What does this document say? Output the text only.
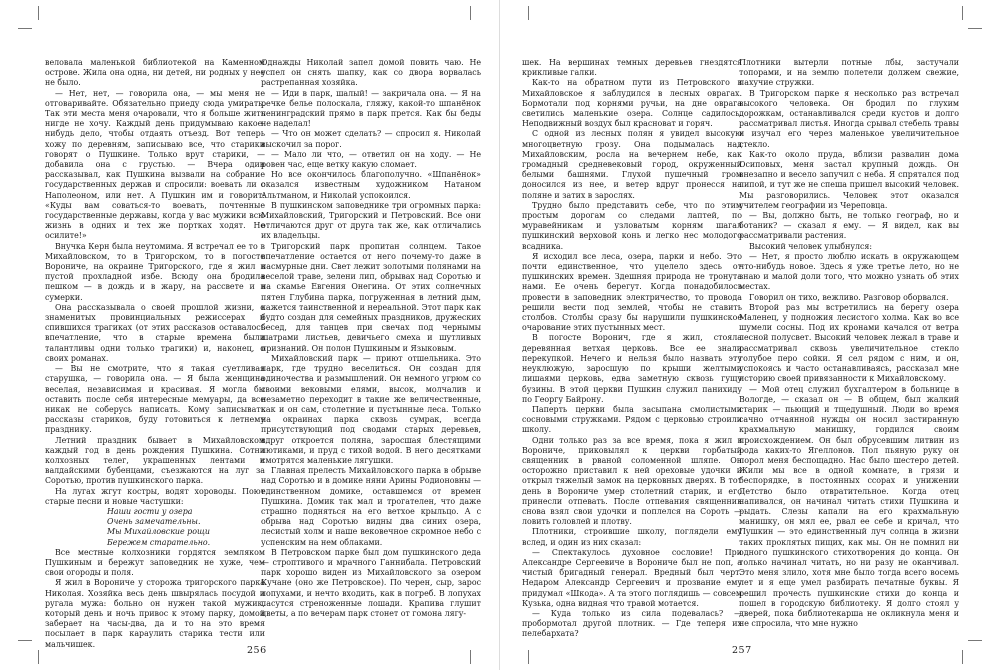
веловала маленькой библиотекой на Каменном острове. Жила она одна, ни детей, ни родных у нее не было.

— Нет, нет, — говорила она, — мы меня не отговаривайте. Обязательно приеду сюда умирать. Так эти места меня очаровали, что я больше жить нигде не хочу. Каждый день придумываю какое-нибудь дело, чтобы отдаять отъезд. Вот теперь хожу по деревням, записываю все, что старики говорят о Пушкине. Только врут старики, — добавила она с грустью. — Вчера один рассказывал, как Пушкина вызвали на собрание государственных держав и спросили: воевать ли с Наполеоном, или нет. А Пушкин им и говорит: «Куды вам соваться-то воевать, почтенные государственные державы, когда у вас мужики всю жизнь в одних и тех же портках ходят. Не осилите!»

Внучка Керн была неутомима. Я встречал ее то в Михайловском, то в Тригорском, то в погосте Ворониче, на окраине Тригорского, где я жил в пустой прохладной избе. Всюду она бродила пешком — в дождь и в жару, на рассвете и в сумерки.

Она рассказывала о своей прошлой жизни, о знаменитых провинциальных режиссерах и спившихся трагиках (от этих рассказов оставалось впечатление, что в старые времена были талантливы одни только трагики) и, наконец, о своих романах.

— Вы не смотрите, что я такая суетливая старушка, — говорила она. — Я была женщина веселая, независимая и красивая. Я могла бы оставить после себя интересные мемуары, да все никак не соберусь написать. Кому записывать рассказы стариков, буду готовиться к летнему празднику.

Летний праздник бывает в Михайловском каждый год в день рождения Пушкина. Сотни колхозных телег, украшенных лентами и валдайскими бубенцами, съезжаются на луг за Соротью, против пушкинского парка.

На лугах жгут костры, водят хороводы. Поют старые песни и новые частушки:

Наши гости у озера

Очень замечательны.

Мы Михайловские рощи

Бережем старательно.

Все местные колхозники гордятся земляком Пушкиным и бережут заповедник не хуже, чем свои огороды и поля.

Я жил в Ворониче у сторожа тригорского парка Николая. Хозяйка весь день швырялась посудой и ругала мужа: больно он нужен такой мужик, который день и ночь привос к этому парку, домой заберает на часы-два, да и то на это время посылает в парк караулить старика тести или мальчишек.

Однажды Николай запел домой повить чаю. Не успел он снять шапку, как со двора ворвалась растрепанная хозяйка.

— Иди в парк, шалый! — закричала она. — Я на речке белье полоскала, гляжу, какой-то шпанёнок ленинградский прямо в парк прется. Как бы беды не наделал!

— Что он может сделать? — спросил я. Николай выскочил за порог.

— Мало ли что, — ответил он на ходу. — Не ровен час, еще ветку какую сломает.

Но все окончилось благополучно. «Шпанёнок» оказался известным художником Натаном Альтманом, и Николай успокоился.

В пушкинском заповеднике три огромных парка: Михайловский, Тригорский и Петровский. Все они отличаются друг от друга так же, как отличались их владельцы.

Тригорский парк пропитан солнцем. Такое впечатление остается от него почему-то даже в пасмурные дни. Свет лежит золотыми полянами на веселой траве, зелени лип, обрывах над Соротью и на скамье Евгения Онегина. От этих солнечных пятен Глубина парка, погруженная в летний дым, кажется таинственной и нереальной. Этот парк как будто создан для семейных праздников, дружеских бесед, для танцев при свечах под чернымы шатрами листьев, девичьего смеха и шутливых признаний. Он полон Пушкиным и Языковым.

Михайловский парк — приют отшельника. Это парк, где трудно веселиться. Он создан для одиночества и размышлений. Он немного угрюм со своими вековыми елями, высок, молчалив и незаметно переходит в такие же величественные, как и он сам, столетние и пустынные леса. Только на окраинах парка сквозь сумрак, всегда присутствующий под сводами старых деревьев, вдруг откроется поляна, заросшая блестящими лютиками, и пруд с тихой водой. В него десятками смотрятся маленькие лягушки.

Главная прелесть Михайловского парка в обрыве над Соротью и в домике няни Арины Родионовны — единственном домике, оставшемся от времен Пушкина. Домик так мал и трогателен, что даже страшно подняться на его ветхое крыльцо. А с обрыва над Соротью видны два синих озера, лесистый холм и наше вековечное скромное небо с успенским на нем облаками.

В Петровском парке был дом пушкинского деда — строптивого и мрачного Ганнибала. Петровский парк хорошо виден из Михайловского за озером Кучане (оно же Петровское). По черен, сыр, зарос лопухами, и нечто входить, как в погреб. В лопухах пасутся стреноженные лошади. Крапива глушит цветы, а по вечерам парк стонет от гомона лягу-

шек. На вершинах темных деревьев гнездятся крикливые галки.

Как-то на обратном пути из Петровского в Михайловское я заблудился в лесных оврагах. Бормотали под корнями ручьи, на дне оврага светились маленькие озера. Солнце садилось. Неподвижный воздух был красноват и горяч.

С одной из лесных полян я увидел высокую многоцветную грозу. Она подымалась над Михайловским, росла на вечернем небе, как громадный средневековый город, окруженный белыми башнями. Глухой пушечный гром доносился из нее, и ветер вдруг пронесся на поляне и затих в зарослях.

Трудно было представить себе, что по этим простым дорогам со следами лаптей, по муравейникам и узловатым корням шагал пушкинский верховой конь и легко нес молодого всадника.

Я исходил все леса, озера, парки и небо. Это почти единственное, что уцелело здесь от пушкинских времен. Здешняя природа не тронута нами. Ее очень берегут. Когда понадобилось провести в заповедник электричество, то провода решили вести под землей, чтобы не ставить столбов. Столбы сразу бы нарушили пушкинское очарование этих пустынных мест.

В погосте Воронич, где я жил, стояла деревянная ветхая церковь. Все ее знали перекупкой. Нечего и нельзя было назвать эту неуклюжую, заросшую по крыши желтыми лишаями церковь, едва заметную сквозь гущу бузины. В этой церкви Пушкин служил панихиду по Георгу Байрону.

Паперть церкви была засыпана смолистыми сосновыми стружками. Рядом с церковью строили школу.

Одни только раз за все время, пока я жил в Ворониче, приковылял к церкви горбатый священник в рваной соломенной шляпе. Он осторожно приставил к ней ореховые удочки и открыл тяжелый замок на церковных дверях. В тот день в Ворониче умер столетний старик, и его принесли отпевать. После отпевания священник снова взял свои удочки и поплелся на Сороть — ловить головлей и плотву.

Плотники, строившие школу, поглядели ему вслед, и один из них сказал:

— Спектакулось духовное сословие! При Александре Сергеевиче в Ворониче был не поп, а чистый бригадный генерал. Вредный был черт. Недаром Александр Сергеевич и прозвание ему придумал «Шкода». А та этого поглядишь — совсем Кузька, одна видная что травой мотается.

— Куда только из сила подевалась? — пробормотал другой плотник. — Где теперя их пелебархата?

Плотники вытерли потные лбы, застучали топорами, и на землю полетели должем свежие, пахучие стружки.

В Тригорском парке я несколько раз встречал высокого человека. Он бродил по глухим дорожкам, останавливался среди кустов и долго рассматривал листья. Иногда срывал стебель травы и изучал его через маленькое увеличительное стекло.

Как-то около пруда, вблизи развалин дома Осиповых, меня застал крупный дождь. Он внезапно и весело запучил с неба. Я спрятался под липой, и тут же не спеша пришел высокий человек. Мы разговорились. Человек этот оказался учителем географии из Череповца.

— Вы, должно быть, не только географ, но и ботаник? — сказал я ему. — Я видел, как вы рассматривали растения.

Высокий человек улыбнулся:

— Нет, я просто люблю искать в окружающем что-нибудь новое. Здесь я уже третье лето, но не знаю и малой доли того, что можно узнать об этих местах.

Говорил он тихо, вежливо. Разговор оборвался.

Второй раз мы встретились на берегу озера Маленец, у подножия лесистого холма. Как во все шумели сосны. Под их кронами качался от ветра лесной полусвет. Высокий человек лежал в траве и рассматривал сквозь увеличительное стекло голубое перо сойки. Я сел рядом с ним, и он, успокоясь и часто останавливаясь, рассказал мне историю своей привязанности к Михайловскому.

— Мой отец служил бухгалтером в больнице в Вологде, — сказал он — В общем, был жалкий старик — пьющий и тщедушный. Люди во время сачно отчаянной нужды он носил застиранную крахмальную манишку, гордился своим происхождением. Он был обрусевшим литвин из рода каких-то Ягеллонов. Пол пьяную руку он порол меня беспощадно. Нас было шестеро детей. Жили мы все в одной комнате, в грязи и беспорядке, в постоянных ссорах и унижении Детство было отвратительное. Когда отец напивался, он начинал читать стихи Пушкина и рыдать. Слезы капали на его крахмальную манишку, он мял ее, рвал ее себе и кричал, что Пушкин — это единственный луч солнца в жизни таких проклятых пищих, как мы. Он не помнил ни одного пушкинского стихотворения до конца. Он только начинал читать, но ни разу не оканчивал. Это меня злило, хотя мне было тогда всего восемь лет и я еще умел разбирать печатные буквы. Я решил прочесть пушкинские стихи до конца и пошел в городскую библиотеку. Я долго стоял у дверей, пока библиотекарша не окликнула меня и не спросила, что мне нужно

256	257
